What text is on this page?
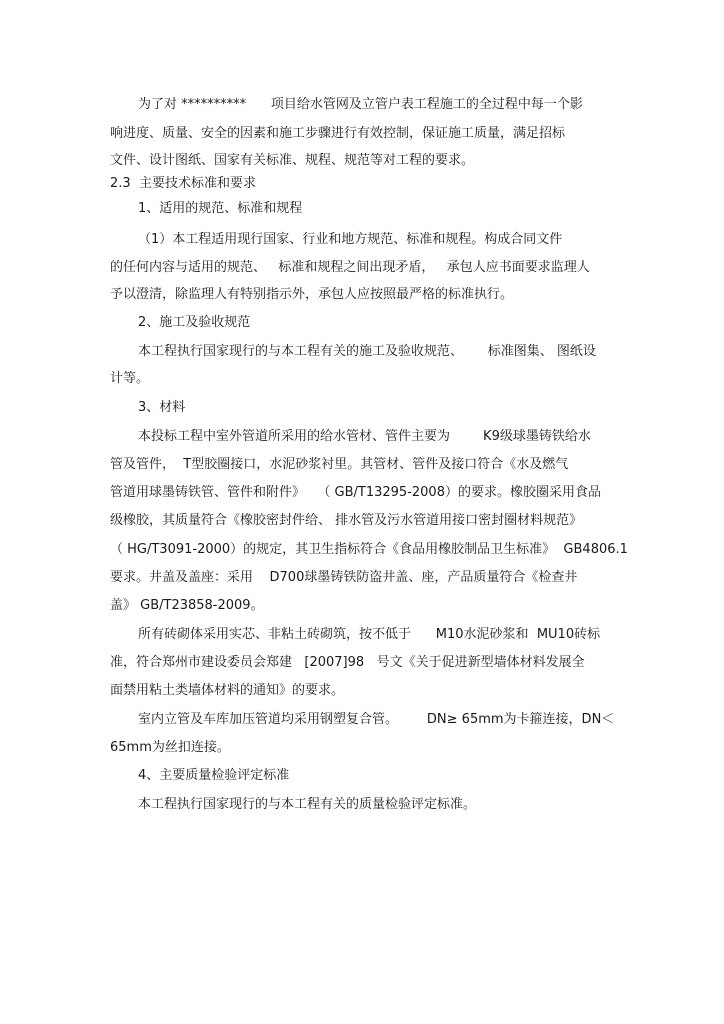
为了对 **********      项目给水管网及立管户表工程施工的全过程中每一个影
响进度、质量、安全的因素和施工步骤进行有效控制，保证施工质量，满足招标
文件、设计图纸、国家有关标准、规程、规范等对工程的要求。
2.3  主要技术标准和要求
1、适用的规范、标准和规程
（1）本工程适用现行国家、行业和地方规范、标准和规程。构成合同文件
的任何内容与适用的规范、   标准和规程之间出现矛盾，   承包人应书面要求监理人
予以澄清，除监理人有特别指示外，承包人应按照最严格的标准执行。
2、施工及验收规范
本工程执行国家现行的与本工程有关的施工及验收规范、      标准图集、 图纸设
计等。
3、材料
本投标工程中室外管道所采用的给水管材、管件主要为        K9级球墨铸铁给水
管及管件，  T型胶圈接口，水泥砂浆衬里。其管材、管件及接口符合《水及燃气
管道用球墨铸铁管、管件和附件》   （ GB/T13295-2008）的要求。橡胶圈采用食品
级橡胶，其质量符合《橡胶密封件给、 排水管及污水管道用接口密封圈材料规范》
（ HG/T3091-2000）的规定，其卫生指标符合《食品用橡胶制品卫生标准》  GB4806.1
要求。井盖及盖座：采用    D700球墨铸铁防盗井盖、座，产品质量符合《检查井
盖》 GB/T23858-2009。
所有砖砌体采用实芯、非粘土砖砌筑，按不低于      M10水泥砂浆和  MU10砖标
准，符合郑州市建设委员会郑建   [2007]98   号文《关于促进新型墙体材料发展全
面禁用粘土类墙体材料的通知》的要求。
室内立管及车库加压管道均采用钢塑复合管。       DN≥ 65mm为卡箍连接，DN＜
65mm为丝扣连接。
4、主要质量检验评定标准
本工程执行国家现行的与本工程有关的质量检验评定标准。
